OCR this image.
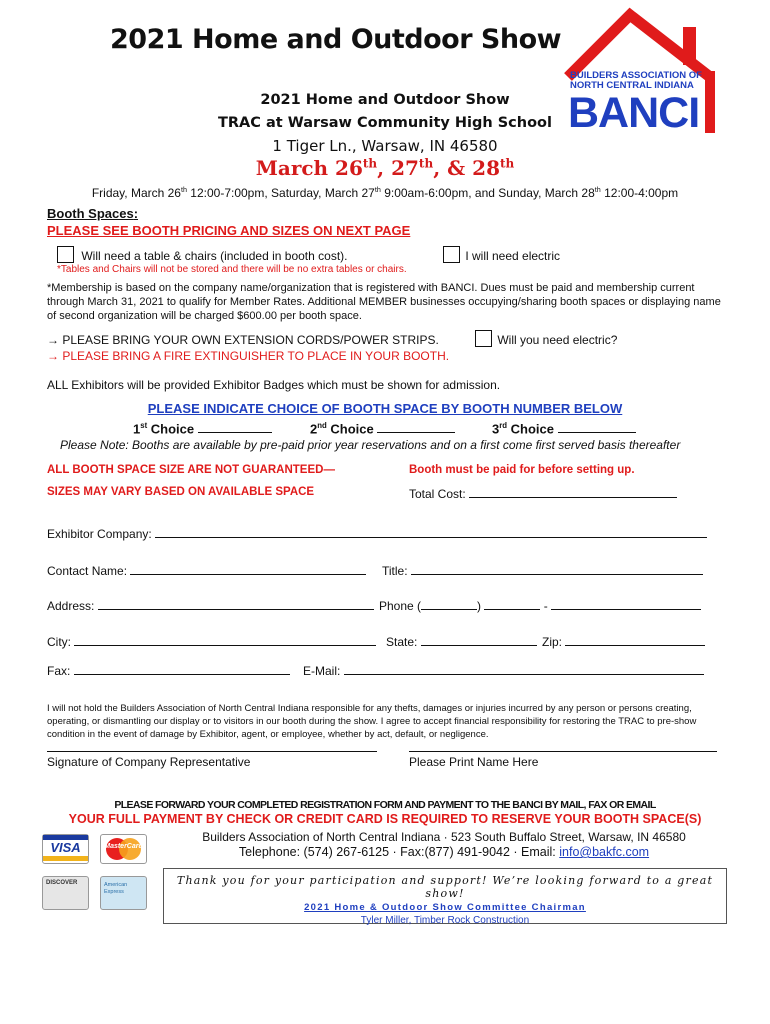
2021 Home and Outdoor Show
BUILDERS ASSOCIATION OF
NORTH CENTRAL INDIANA
BANCI
2021 Home and Outdoor Show
TRAC at Warsaw Community High School
1 Tiger Ln., Warsaw, IN 46580
March 26th, 27th, & 28th
Friday, March 26th 12:00-7:00pm, Saturday, March 27th 9:00am-6:00pm, and Sunday, March 28th 12:00-4:00pm
Booth Spaces:
PLEASE SEE BOOTH PRICING AND SIZES ON NEXT PAGE
Will need a table & chairs (included in booth cost).	I will need electric
*Tables and Chairs will not be stored and there will be no extra tables or chairs.
*Membership is based on the company name/organization that is registered with BANCI. Dues must be paid and membership current through March 31, 2021 to qualify for Member Rates. Additional MEMBER businesses occupying/sharing booth spaces or displaying name of second organization will be charged $600.00 per booth space.
→ PLEASE BRING YOUR OWN EXTENSION CORDS/POWER STRIPS.	Will you need electric?
→ PLEASE BRING A FIRE EXTINGUISHER TO PLACE IN YOUR BOOTH.
ALL Exhibitors will be provided Exhibitor Badges which must be shown for admission.
PLEASE INDICATE CHOICE OF BOOTH SPACE BY BOOTH NUMBER BELOW
1st Choice	2nd Choice	3rd Choice
Please Note: Booths are available by pre-paid prior year reservations and on a first come first served basis thereafter
ALL BOOTH SPACE SIZE ARE NOT GUARANTEED—
SIZES MAY VARY BASED ON AVAILABLE SPACE
Booth must be paid for before setting up.
Total Cost:
Exhibitor Company:
Contact Name:	Title:
Address:	Phone (	)	-
City:	State:	Zip:
Fax:	E-Mail:
I will not hold the Builders Association of North Central Indiana responsible for any thefts, damages or injuries incurred by any person or persons creating, operating, or dismantling our display or to visitors in our booth during the show. I agree to accept financial responsibility for restoring the TRAC to pre-show condition in the event of damage by Exhibitor, agent, or employee, whether by act, default, or negligence.
Signature of Company Representative	Please Print Name Here
PLEASE FORWARD YOUR COMPLETED REGISTRATION FORM AND PAYMENT TO THE BANCI BY MAIL, FAX OR EMAIL
YOUR FULL PAYMENT BY CHECK OR CREDIT CARD IS REQUIRED TO RESERVE YOUR BOOTH SPACE(S)
Builders Association of North Central Indiana · 523 South Buffalo Street, Warsaw, IN 46580
Telephone: (574) 267-6125 · Fax:(877) 491-9042 · Email: info@bakfc.com
VISA	MasterCard
DISCOVER	American Express
Thank you for your participation and support! We’re looking forward to a great show!
2021 Home & Outdoor Show Committee Chairman
Tyler Miller, Timber Rock Construction
